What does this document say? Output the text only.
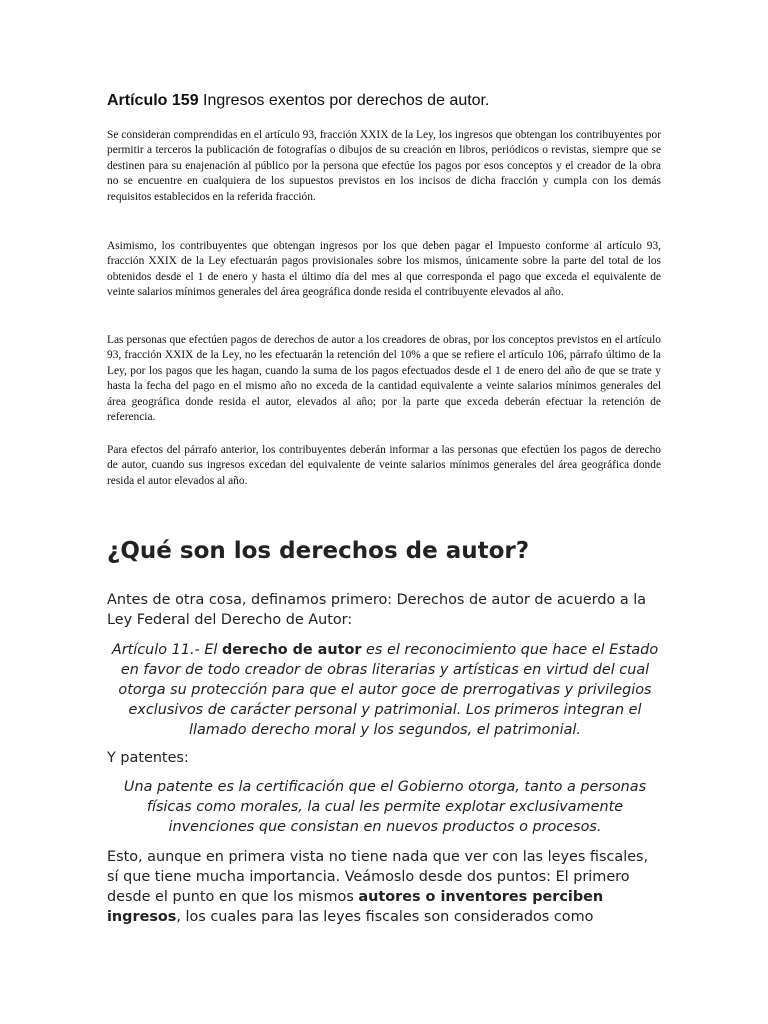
Artículo 159 Ingresos exentos por derechos de autor.

Se consideran comprendidas en el artículo 93, fracción XXIX de la Ley, los ingresos que obtengan los contribuyentes por permitir a terceros la publicación de fotografías o dibujos de su creación en libros, periódicos o revistas, siempre que se destinen para su enajenación al público por la persona que efectúe los pagos por esos conceptos y el creador de la obra no se encuentre en cualquiera de los supuestos previstos en los incisos de dicha fracción y cumpla con los demás requisitos establecidos en la referida fracción.

Asimismo, los contribuyentes que obtengan ingresos por los que deben pagar el Impuesto conforme al artículo 93, fracción XXIX de la Ley efectuarán pagos provisionales sobre los mismos, únicamente sobre la parte del total de los obtenidos desde el 1 de enero y hasta el último día del mes al que corresponda el pago que exceda el equivalente de veinte salarios mínimos generales del área geográfica donde resida el contribuyente elevados al año.

Las personas que efectúen pagos de derechos de autor a los creadores de obras, por los conceptos previstos en el artículo 93, fracción XXIX de la Ley, no les efectuarán la retención del 10% a que se refiere el artículo 106, párrafo último de la Ley, por los pagos que les hagan, cuando la suma de los pagos efectuados desde el 1 de enero del año de que se trate y hasta la fecha del pago en el mismo año no exceda de la cantidad equivalente a veinte salarios mínimos generales del área geográfica donde resida el autor, elevados al año; por la parte que exceda deberán efectuar la retención de referencia.

Para efectos del párrafo anterior, los contribuyentes deberán informar a las personas que efectúen los pagos de derecho de autor, cuando sus ingresos excedan del equivalente de veinte salarios mínimos generales del área geográfica donde resida el autor elevados al año.

¿Qué son los derechos de autor?

Antes de otra cosa, definamos primero: Derechos de autor de acuerdo a la Ley Federal del Derecho de Autor:

Artículo 11.- El derecho de autor es el reconocimiento que hace el Estado en favor de todo creador de obras literarias y artísticas en virtud del cual otorga su protección para que el autor goce de prerrogativas y privilegios exclusivos de carácter personal y patrimonial. Los primeros integran el llamado derecho moral y los segundos, el patrimonial.

Y patentes:

Una patente es la certificación que el Gobierno otorga, tanto a personas físicas como morales, la cual les permite explotar exclusivamente invenciones que consistan en nuevos productos o procesos.

Esto, aunque en primera vista no tiene nada que ver con las leyes fiscales, sí que tiene mucha importancia. Veámoslo desde dos puntos: El primero desde el punto en que los mismos autores o inventores perciben ingresos, los cuales para las leyes fiscales son considerados como
